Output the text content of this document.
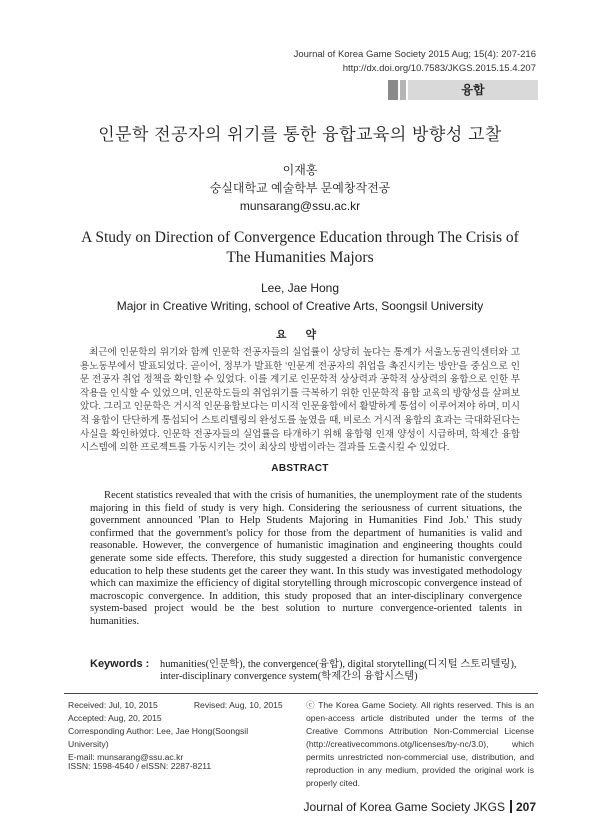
Journal of Korea Game Society 2015 Aug; 15(4): 207-216
http://dx.doi.org/10.7583/JKGS.2015.15.4.207
융합
인문학 전공자의 위기를 통한 융합교육의 방향성 고찰
이재홍
숭실대학교 예술학부 문예창작전공
munsarang@ssu.ac.kr
A Study on Direction of Convergence Education through The Crisis of The Humanities Majors
Lee, Jae Hong
Major in Creative Writing, school of Creative Arts, Soongsil University
요 약
최근에 인문학의 위기와 함께 인문학 전공자들의 실업률이 상당히 높다는 통계가 서울노동권익센터와 고용노동부에서 발표되었다. 곧이어, 정부가 발표한 '인문계 전공자의 취업을 촉진시키는 방안'을 중심으로 인문 전공자 취업 정책을 확인할 수 있었다. 이를 계기로 인문학적 상상력과 공학적 상상력의 융합으로 인한 부작용을 인식할 수 있었으며, 인문학도들의 취업위기를 극복하기 위한 인문학적 융합 교육의 방향성을 살펴보았다. 그리고 인문학은 거시적 인문융합보다는 미시적 인문융합에서 활발하게 통섭이 이루어져야 하며, 미시적 융합이 단단하게 통섭되어 스토리텔링의 완성도를 높였을 때, 비로소 거시적 융합의 효과는 극대화된다는 사실을 확인하였다. 인문학 전공자들의 실업률을 타개하기 위해 융합형 인재 양성이 시급하며, 학제간 융합시스템에 의한 프로젝트를 가동시키는 것이 최상의 방법이라는 결과를 도출시킬 수 있었다.
ABSTRACT
Recent statistics revealed that with the crisis of humanities, the unemployment rate of the students majoring in this field of study is very high. Considering the seriousness of current situations, the government announced 'Plan to Help Students Majoring in Humanities Find Job.' This study confirmed that the government's policy for those from the department of humanities is valid and reasonable. However, the convergence of humanistic imagination and engineering thoughts could generate some side effects. Therefore, this study suggested a direction for humanistic convergence education to help these students get the career they want. In this study was investigated methodology which can maximize the efficiency of digital storytelling through microscopic convergence instead of macroscopic convergence. In addition, this study proposed that an inter-disciplinary convergence system-based project would be the best solution to nurture convergence-oriented talents in humanities.
Keywords : humanities(인문학), the convergence(융합), digital storytelling(디지털 스토리텔링),
inter-disciplinary convergence system(학제간의 융합시스템)
Received: Jul, 10, 2015	Revised: Aug, 10, 2015
Accepted: Aug, 20, 2015
Corresponding Author: Lee, Jae Hong(Soongsil University)
E-mail: munsarang@ssu.ac.kr
ISSN: 1598-4540 / eISSN: 2287-8211
ⓒ The Korea Game Society. All rights reserved. This is an open-access article distributed under the terms of the Creative Commons Attribution Non-Commercial License (http://creativecommons.otg/licenses/by-nc/3.0), which permits unrestricted non-commercial use, distribution, and reproduction in any medium, provided the original work is properly cited.
Journal of Korea Game Society JKGS 207
